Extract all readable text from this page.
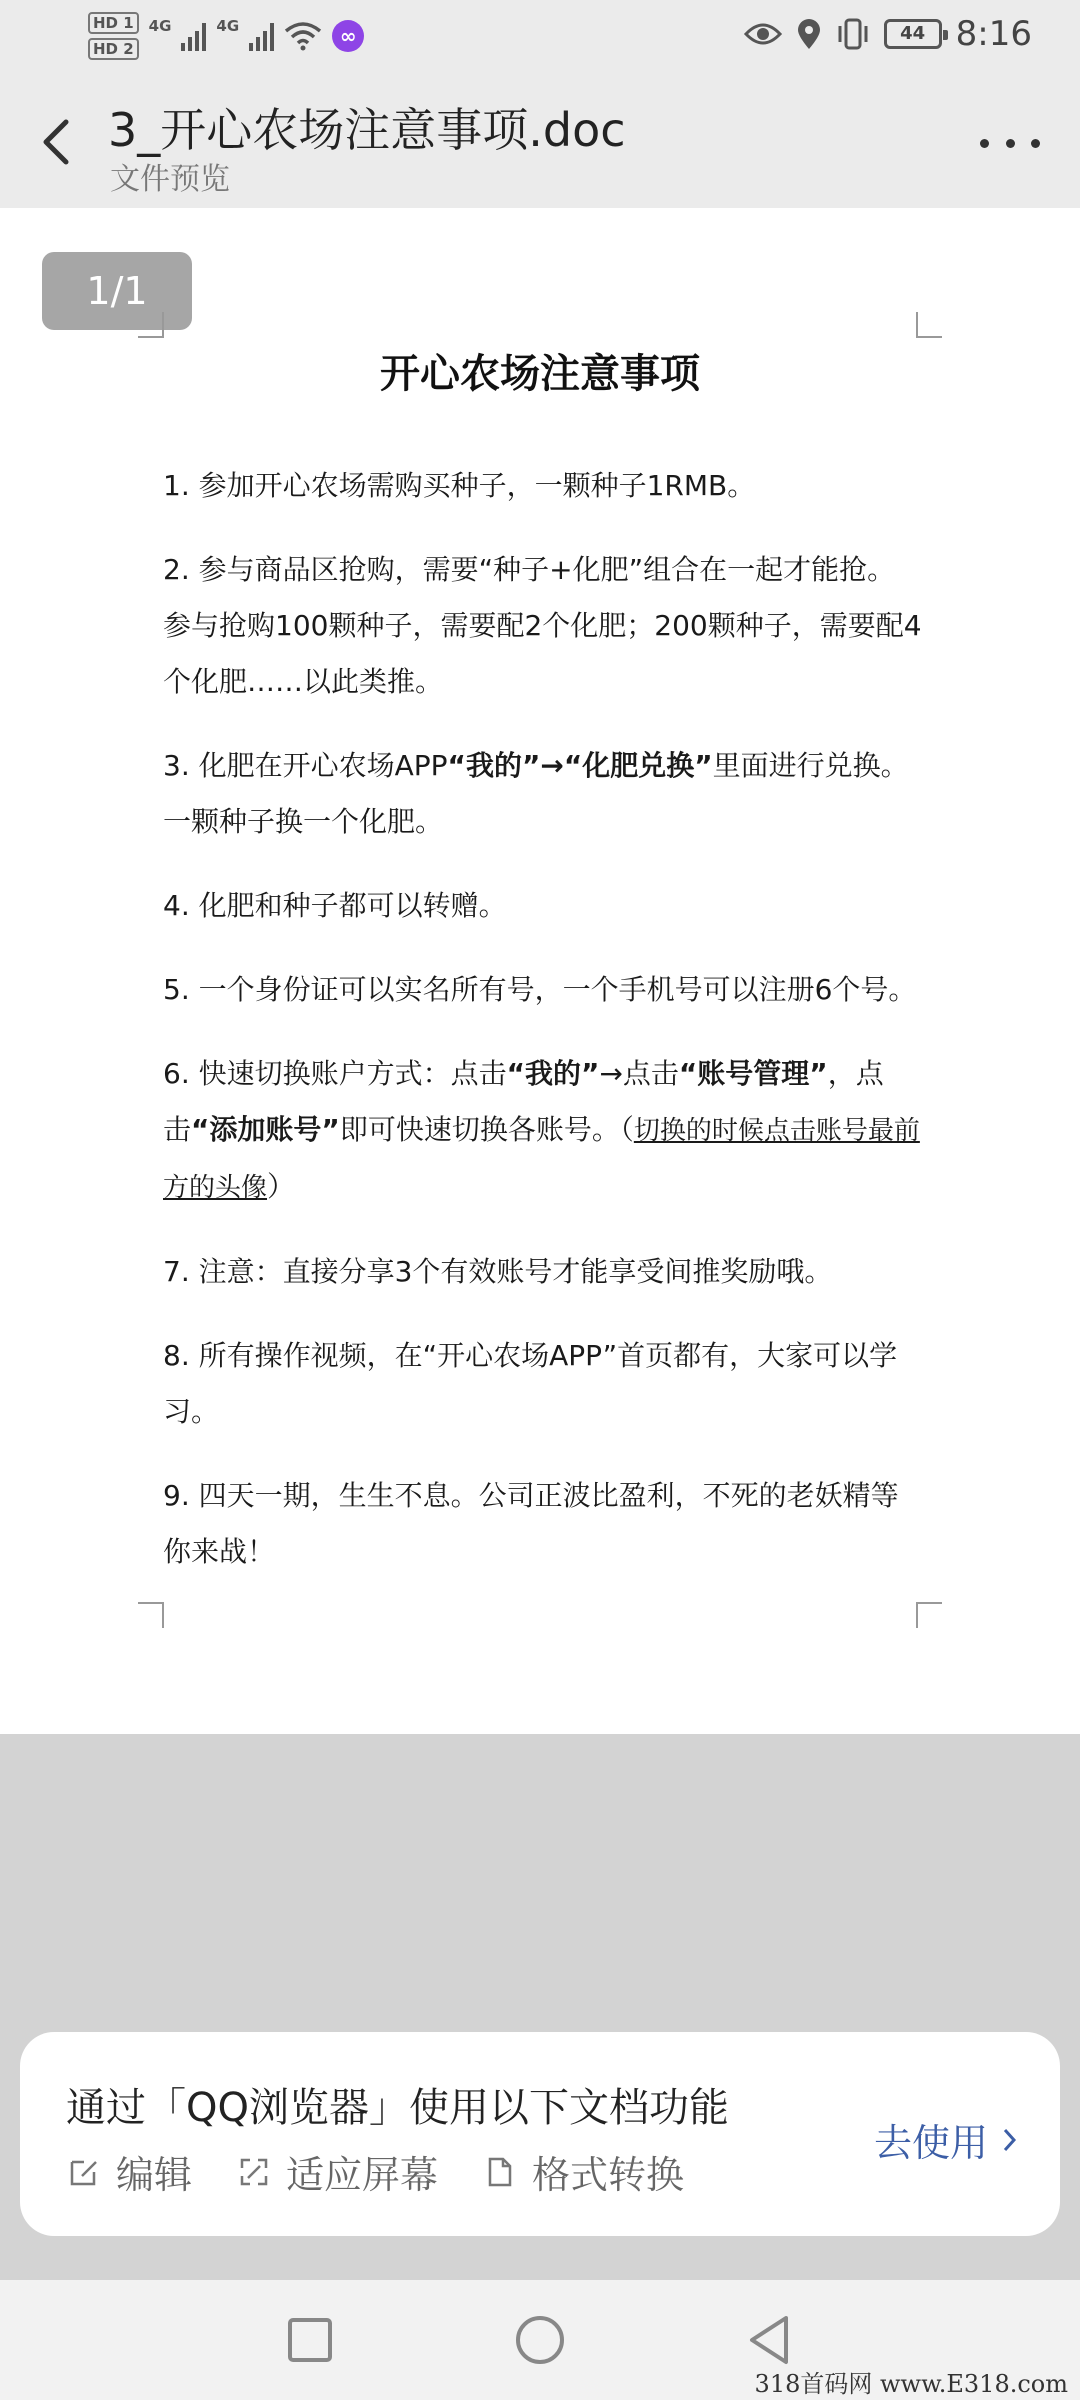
HD 1
HD 2
4G	4G	∞	44 8:16
3_开心农场注意事项.doc
文件预览
1/1
开心农场注意事项

1. 参加开心农场需购买种子，一颗种子1RMB。

2. 参与商品区抢购，需要“种子+化肥”组合在一起才能抢。参与抢购100颗种子，需要配2个化肥；200颗种子，需要配4个化肥……以此类推。

3. 化肥在开心农场APP“我的”→“化肥兑换”里面进行兑换。一颗种子换一个化肥。

4. 化肥和种子都可以转赠。

5. 一个身份证可以实名所有号，一个手机号可以注册6个号。

6. 快速切换账户方式：点击“我的”→点击“账号管理”，点击“添加账号”即可快速切换各账号。（切换的时候点击账号最前方的头像）

7. 注意：直接分享3个有效账号才能享受间推奖励哦。

8. 所有操作视频，在“开心农场APP”首页都有，大家可以学习。

9. 四天一期，生生不息。公司正波比盈利，不死的老妖精等你来战！

通过「QQ浏览器」使用以下文档功能
编辑 适应屏幕 格式转换
去使用
318首码网 www.E318.com
